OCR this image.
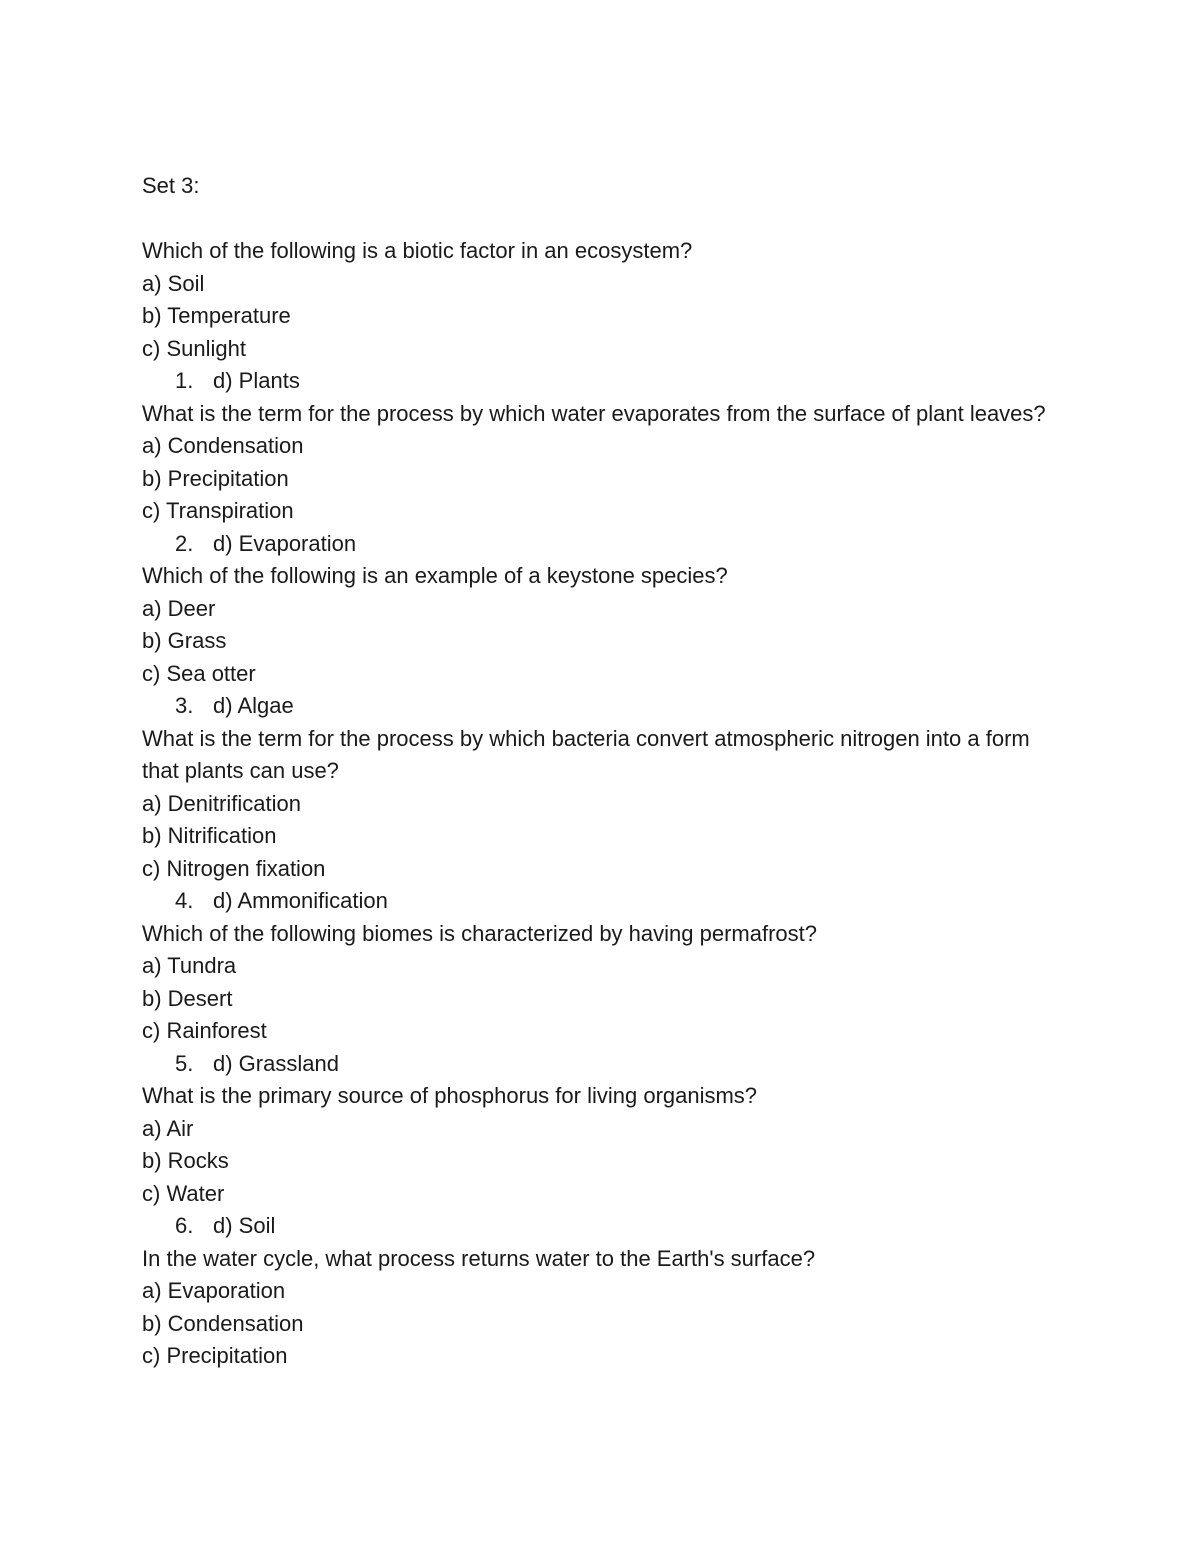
Set 3:

Which of the following is a biotic factor in an ecosystem?

a) Soil

b) Temperature

c) Sunlight

1. d) Plants

What is the term for the process by which water evaporates from the surface of plant leaves?

a) Condensation

b) Precipitation

c) Transpiration

2. d) Evaporation

Which of the following is an example of a keystone species?

a) Deer

b) Grass

c) Sea otter

3. d) Algae

What is the term for the process by which bacteria convert atmospheric nitrogen into a form that plants can use?

a) Denitrification

b) Nitrification

c) Nitrogen fixation

4. d) Ammonification

Which of the following biomes is characterized by having permafrost?

a) Tundra

b) Desert

c) Rainforest

5. d) Grassland

What is the primary source of phosphorus for living organisms?

a) Air

b) Rocks

c) Water

6. d) Soil

In the water cycle, what process returns water to the Earth's surface?

a) Evaporation

b) Condensation

c) Precipitation
